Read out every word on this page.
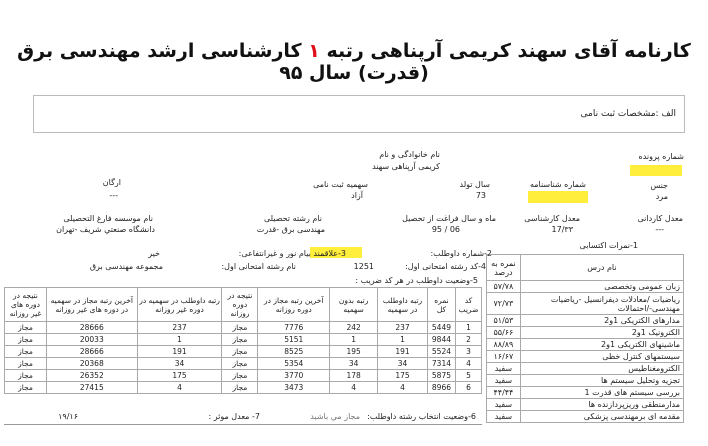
کارنامه آقای سهند کریمی آرپناهی رتبه ۱ کارشناسی ارشد مهندسی برق (قدرت) سال ۹۵
الف :مشخصات ثبت نامی
شماره پرونده
نام خانوادگی و نام
کریمی آرپناهی سهند
جنس
مرد
شماره شناسنامه
سال تولد
73
سهمیه ثبت نامی
آزاد
ارگان
---
معدل کاردانی
---
معدل کارشناسی
17/۳۳
ماه و سال فراغت از تحصیل
06 / 95
نام رشته تحصیلی
مهندسی برق -قدرت
نام موسسه فارغ التحصیلی
دانشگاه صنعتي شريف -تهران
1-نمرات اکتسابی
نمره به درصد	نام درس
۵۷/۷۸	زبان عمومی وتخصصی
۷۲/۷۳	رياضيات /معادلات ديفرانسيل -رياضيات مهندسی-/احتمالات
۵۱/۵۳	مدارهای الکتریکی 1و2
۵۵/۶۶	الکترونیک 1و2
۸۸/۸۹	ماشینهای الکتریکی 1و2
۱۶/۶۷	سيستمهای کنترل خطی
سفید	الکترومغناطیس
سفید	تجزیه وتحلیل سیستم ها
۴۴/۴۴	بررسی سیستم های قدرت 1
سفید	مدارمنطقی وریزپردازنده ها
سفید	مقدمه ای برمهندسی پزشکی
2-شماره داوطلب:
3-علاقمند بیام نور و غیرانتفاعی:
خير
4-کد رشته امتحانی اول:
1251
نام رشته امتحانی اول:
مجموعه مهندسی برق
5-وضعیت داوطلب در هر کد ضریب :
نتیجه در دوره های غیر روزانه	آخرین رتبه مجاز در سهمیه در دوره های غیر روزانه	رتبه داوطلب در سهمیه در دوره غیر روزانه	نتیجه در دوره روزانه	آخرین رتبه مجاز در دوره روزانه	رتبه بدون سهمیه	رتبه داوطلب در سهمیه	نمره کل	کد ضریب
مجاز	28666	237	مجاز	7776	242	237	5449	1
مجاز	20033	1	مجاز	5151	1	1	9844	2
مجاز	28666	191	مجاز	8525	195	191	5524	3
مجاز	20368	34	مجاز	5354	34	34	7314	4
مجاز	26352	175	مجاز	3770	178	175	5875	5
مجاز	27415	4	مجاز	3473	4	4	8966	6
6-وضعیت انتخاب رشته داوطلب:
مجاز مي باشيد
7- معدل موثر :
۱۹/۱۶
